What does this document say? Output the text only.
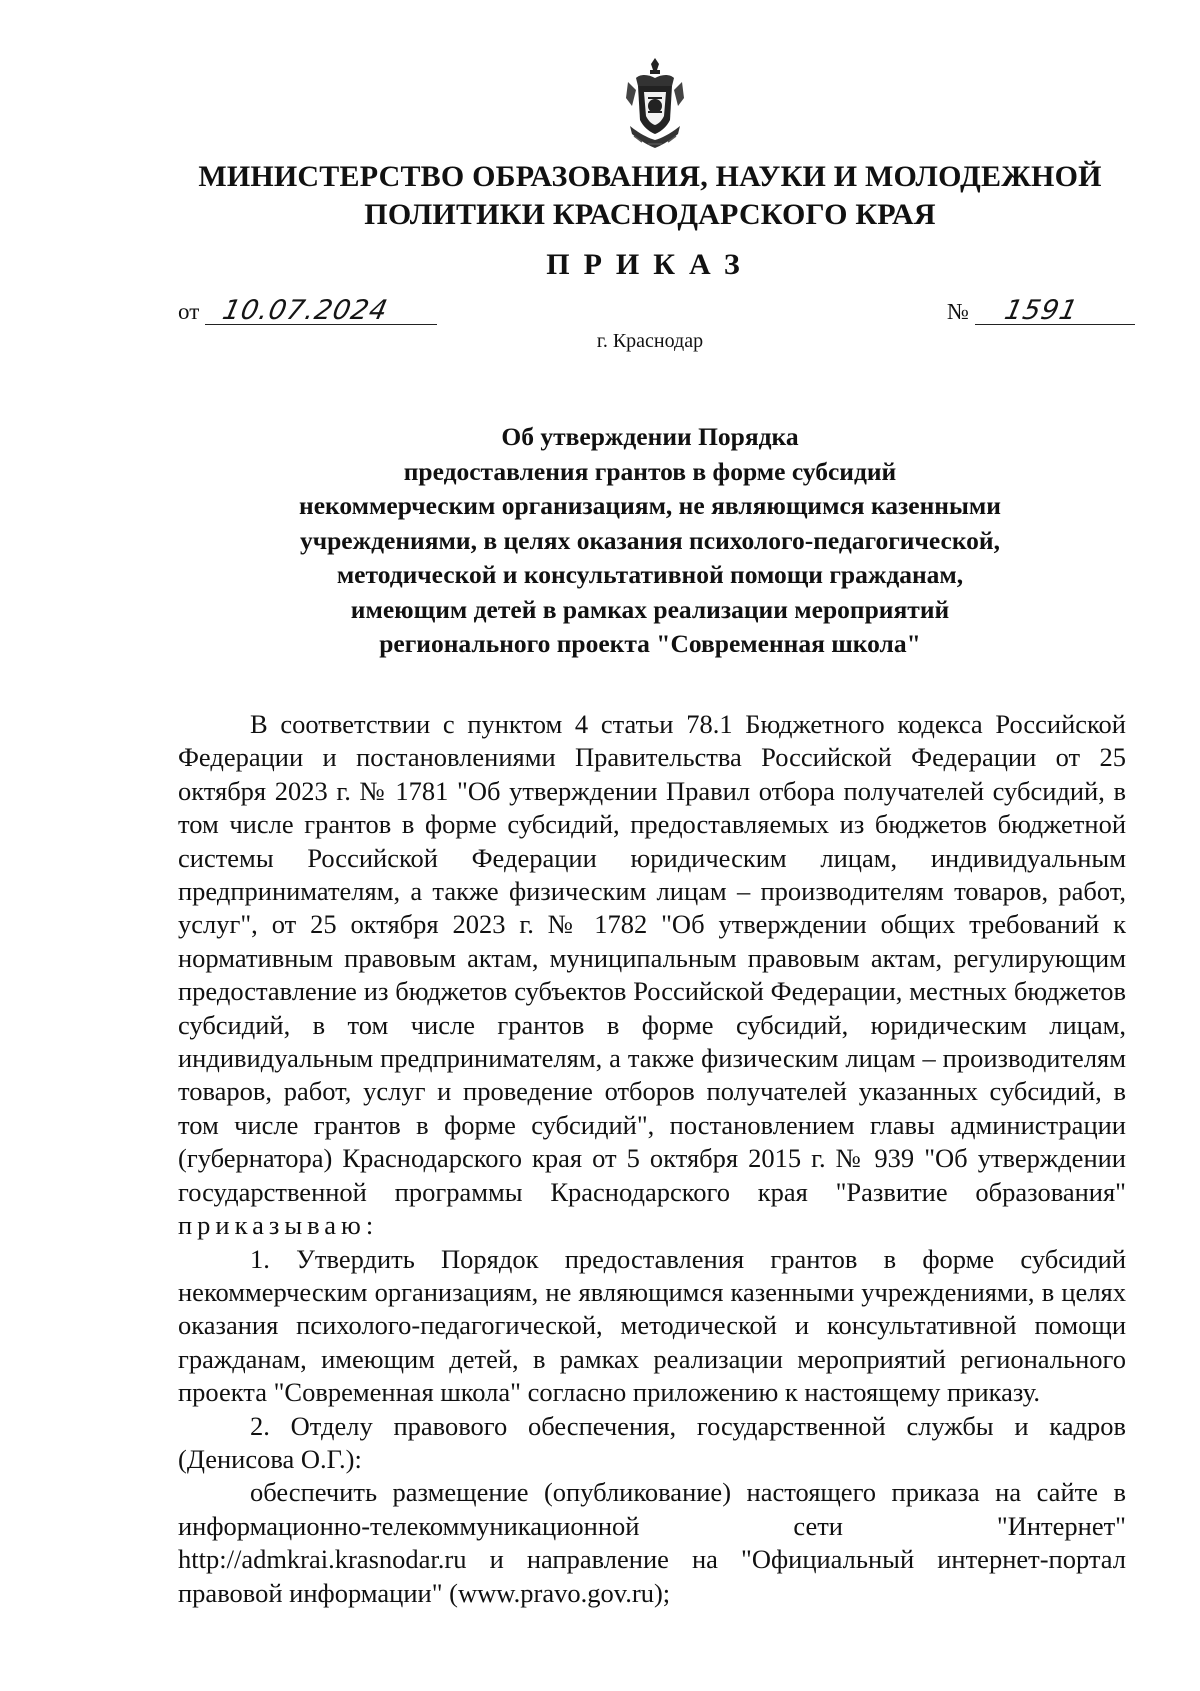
МИНИСТЕРСТВО ОБРАЗОВАНИЯ, НАУКИ И МОЛОДЕЖНОЙ
ПОЛИТИКИ КРАСНОДАРСКОГО КРАЯ
ПРИКАЗ
от 10.07.2024	№ 1591
г. Краснодар
Об утверждении Порядка
предоставления грантов в форме субсидий
некоммерческим организациям, не являющимся казенными
учреждениями, в целях оказания психолого-педагогической,
методической и консультативной помощи гражданам,
имеющим детей в рамках реализации мероприятий
регионального проекта "Современная школа"

В соответствии с пунктом 4 статьи 78.1 Бюджетного кодекса Российской Федерации и постановлениями Правительства Российской Федерации от 25 октября 2023 г. № 1781 "Об утверждении Правил отбора получателей субсидий, в том числе грантов в форме субсидий, предоставляемых из бюджетов бюджетной системы Российской Федерации юридическим лицам, индивидуальным предпринимателям, а также физическим лицам – производителям товаров, работ, услуг", от 25 октября 2023 г. № 1782 "Об утверждении общих требований к нормативным правовым актам, муниципальным правовым актам, регулирующим предоставление из бюджетов субъектов Российской Федерации, местных бюджетов субсидий, в том числе грантов в форме субсидий, юридическим лицам, индивидуальным предпринимателям, а также физическим лицам – производителям товаров, работ, услуг и проведение отборов получателей указанных субсидий, в том числе грантов в форме субсидий", постановлением главы администрации (губернатора) Краснодарского края от 5 октября 2015 г. № 939 "Об утверждении государственной программы Краснодарского края "Развитие образования" приказываю:

1. Утвердить Порядок предоставления грантов в форме субсидий некоммерческим организациям, не являющимся казенными учреждениями, в целях оказания психолого-педагогической, методической и консультативной помощи гражданам, имеющим детей, в рамках реализации мероприятий регионального проекта "Современная школа" согласно приложению к настоящему приказу.

2. Отделу правового обеспечения, государственной службы и кадров (Денисова О.Г.):

обеспечить размещение (опубликование) настоящего приказа на сайте в информационно-телекоммуникационной сети "Интернет" http://admkrai.krasnodar.ru и направление на "Официальный интернет-портал правовой информации" (www.pravo.gov.ru);
